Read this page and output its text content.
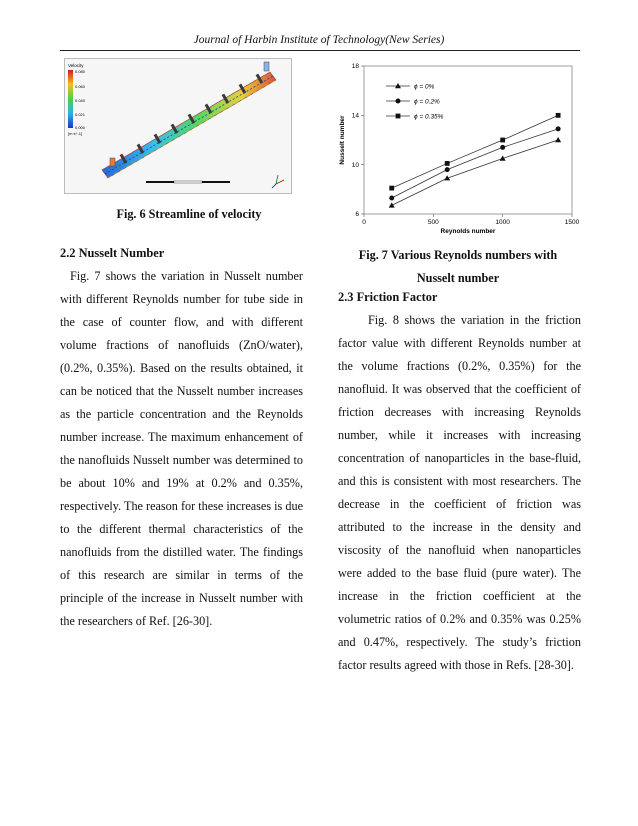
Journal of Harbin Institute of Technology(New Series)
Velocity
0.080
0.060
0.040
0.021
0.000
[m s^-1]
Fig. 6 Streamline of velocity
0	500	1000	1500
6
10
14
18
Reynolds number
Nusselt number
ϕ = 0%
ϕ = 0.2%
ϕ = 0.35%
Fig. 7 Various Reynolds numbers with
Nusselt number
2.2 Nusselt Number

Fig. 7 shows the variation in Nusselt number with different Reynolds number for tube side in the case of counter flow, and with different volume fractions of nanofluids (ZnO/water), (0.2%, 0.35%). Based on the results obtained, it can be noticed that the Nusselt number increases as the particle concentration and the Reynolds number increase. The maximum enhancement of the nanofluids Nusselt number was determined to be about 10% and 19% at 0.2% and 0.35%, respectively. The reason for these increases is due to the different thermal characteristics of the nanofluids from the distilled water. The findings of this research are similar in terms of the principle of the increase in Nusselt number with the researchers of Ref. [26-30].

2.3 Friction Factor

Fig. 8 shows the variation in the friction factor value with different Reynolds number at the volume fractions (0.2%, 0.35%) for the nanofluid. It was observed that the coefficient of friction decreases with increasing Reynolds number, while it increases with increasing concentration of nanoparticles in the base-fluid, and this is consistent with most researchers. The decrease in the coefficient of friction was attributed to the increase in the density and viscosity of the nanofluid when nanoparticles were added to the base fluid (pure water). The increase in the friction coefficient at the volumetric ratios of 0.2% and 0.35% was 0.25% and 0.47%, respectively. The study’s friction factor results agreed with those in Refs. [28-30].
